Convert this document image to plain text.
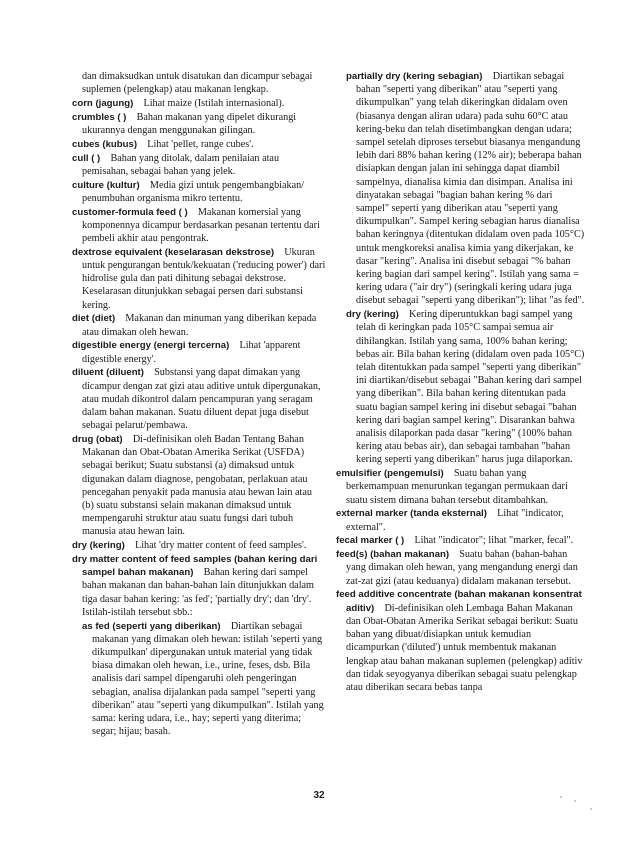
dan dimaksudkan untuk disatukan dan dicampur sebagai suplemen (pelengkap) atau makanan lengkap.

corn (jagung)  Lihat maize (Istilah internasional).

crumbles ( )  Bahan makanan yang dipelet dikurangi ukurannya dengan menggunakan gilingan.

cubes (kubus)  Lihat 'pellet, range cubes'.

cull ( )  Bahan yang ditolak, dalam penilaian atau pemisahan, sebagai bahan yang jelek.

culture (kultur)  Media gizi untuk pengembangbiakan/ penumbuhan organisma mikro tertentu.

customer-formula feed ( )  Makanan komersial yang komponennya dicampur berdasarkan pesanan tertentu dari pembeli akhir atau pengontrak.

dextrose equivalent (keselarasan dekstrose)  Ukuran untuk pengurangan bentuk/kekuatan ('reducing power') dari hidrolise gula dan pati dihitung sebagai dekstrose. Keselarasan ditunjukkan sebagai persen dari substansi kering.

diet (diet)  Makanan dan minuman yang diberikan kepada atau dimakan oleh hewan.

digestible energy (energi tercerna)  Lihat 'apparent digestible energy'.

diluent (diluent)  Substansi yang dapat dimakan yang dicampur dengan zat gizi atau aditive untuk dipergunakan, atau mudah dikontrol dalam pencampuran yang seragam dalam bahan makanan. Suatu diluent depat juga disebut sebagai pelarut/pembawa.

drug (obat)  Di-definisikan oleh Badan Tentang Bahan Makanan dan Obat-Obatan Amerika Serikat (USFDA) sebagai berikut; Suatu substansi (a) dimaksud untuk digunakan dalam diagnose, pengobatan, perlakuan atau pencegahan penyakit pada manusia atau hewan lain atau (b) suatu substansi selain makanan dimaksud untuk mempengaruhi struktur atau suatu fungsi dari tubuh manusia atau hewan lain.

dry (kering)  Lihat 'dry matter content of feed samples'.

dry matter content of feed samples (bahan kering dari sampel bahan makanan)  Bahan kering dari sampel bahan makanan dan bahan-bahan lain ditunjukkan dalam tiga dasar bahan kering: 'as fed'; 'partially dry'; dan 'dry'. Istilah-istilah tersebut sbb.:

as fed (seperti yang diberikan)  Diartikan sebagai makanan yang dimakan oleh hewan: istilah 'seperti yang dikumpulkan' dipergunakan untuk material yang tidak biasa dimakan oleh hewan, i.e., urine, feses, dsb. Bila analisis dari sampel dipengaruhi oleh pengeringan sebagian, analisa dijalankan pada sampel "seperti yang diberikan" atau "seperti yang dikumpulkan". Istilah yang sama: kering udara, i.e., hay; seperti yang diterima; segar; hijau; basah.

partially dry (kering sebagian)  Diartikan sebagai bahan "seperti yang diberikan" atau "seperti yang dikumpulkan" yang telah dikeringkan didalam oven (biasanya dengan aliran udara) pada suhu 60°C atau kering-beku dan telah disetimbangkan dengan udara; sampel setelah diproses tersebut biasanya mengandung lebih dari 88% bahan kering (12% air); beberapa bahan disiapkan dengan jalan ini sehingga dapat diambil sampelnya, dianalisa kimia dan disimpan. Analisa ini dinyatakan sebagai "bagian bahan kering % dari sampel" seperti yang diberikan atau "seperti yang dikumpulkan". Sampel kering sebagian harus dianalisa bahan keringnya (ditentukan didalam oven pada 105°C) untuk mengkoreksi analisa kimia yang dikerjakan, ke dasar "kering". Analisa ini disebut sebagai "% bahan kering bagian dari sampel kering". Istilah yang sama = kering udara ("air dry") (seringkali kering udara juga disebut sebagai "seperti yang diberikan"); lihat "as fed".

dry (kering)  Kering diperuntukkan bagi sampel yang telah di keringkan pada 105°C sampai semua air dihilangkan. Istilah yang sama, 100% bahan kering; bebas air. Bila bahan kering (didalam oven pada 105°C) telah ditentukkan pada sampel "seperti yang diberikan" ini diartikan/disebut sebagai "Bahan kering dari sampel yang diberikan". Bila bahan kering ditentukan pada suatu bagian sampel kering ini disebut sebagai "bahan kering dari bagian sampel kering". Disarankan bahwa analisis dilaporkan pada dasar "kering" (100% bahan kering atau bebas air), dan sebagai tambahan "bahan kering seperti yang diberikan" harus juga dilaporkan.

emulsifier (pengemulsi)  Suatu bahan yang berkemampuan menurunkan tegangan permukaan dari suatu sistem dimana bahan tersebut ditambahkan.

external marker (tanda eksternal)  Lihat "indicator, external".

fecal marker ( )  Lihat "indicator"; lihat "marker, fecal".

feed(s) (bahan makanan)  Suatu bahan (bahan-bahan yang dimakan oleh hewan, yang mengandung energi dan zat-zat gizi (atau keduanya) didalam makanan tersebut.

feed additive concentrate (bahan makanan konsentrat aditiv)  Di-definisikan oleh Lembaga Bahan Makanan dan Obat-Obatan Amerika Serikat sebagai berikut: Suatu bahan yang dibuat/disiapkan untuk kemudian dicampurkan ('diluted') untuk membentuk makanan lengkap atau bahan makanan suplemen (pelengkap) aditiv dan tidak seyogyanya diberikan sebagai suatu pelengkap atau diberikan secara bebas tanpa

32
